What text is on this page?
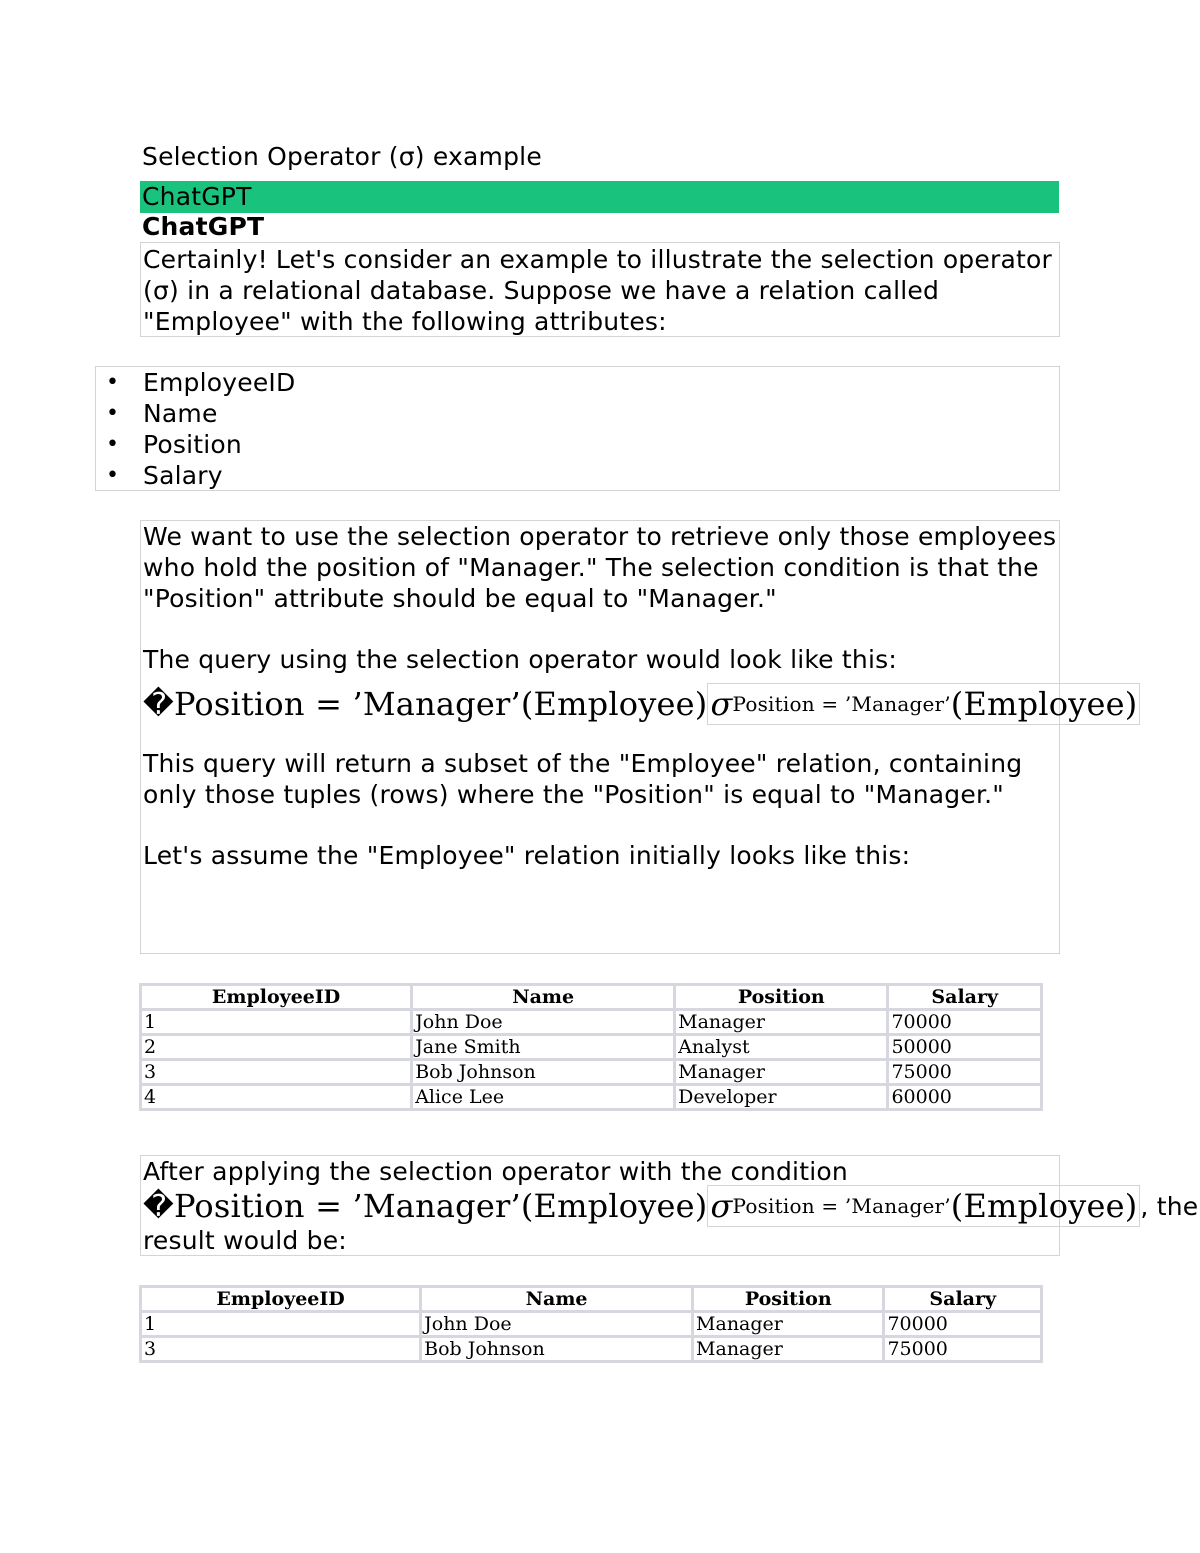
Selection Operator (σ) example
ChatGPT
ChatGPT
Certainly! Let's consider an example to illustrate the selection operator (σ) in a relational database. Suppose we have a relation called "Employee" with the following attributes:
• EmployeeID
• Name
• Position
• Salary

We want to use the selection operator to retrieve only those employees who hold the position of "Manager." The selection condition is that the "Position" attribute should be equal to "Manager."

The query using the selection operator would look like this:

� Position = ’Manager’(Employee) σ Position = ’Manager’ (Employee)

This query will return a subset of the "Employee" relation, containing only those tuples (rows) where the "Position" is equal to "Manager."

Let's assume the "Employee" relation initially looks like this:

EmployeeID	Name	Position	Salary
1	John Doe	Manager	70000
2	Jane Smith	Analyst	50000
3	Bob Johnson	Manager	75000
4	Alice Lee	Developer	60000
After applying the selection operator with the condition
� Position = ’Manager’(Employee) σ Position = ’Manager’ (Employee) , the
result would be:
EmployeeID	Name	Position	Salary
1	John Doe	Manager	70000
3	Bob Johnson	Manager	75000
